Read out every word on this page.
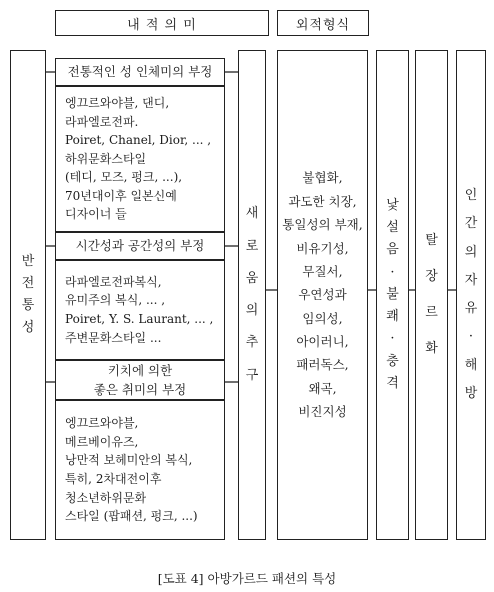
내 적 의 미	외적형식
반
전
통
성
전통적인 성 인체미의 부정
엥끄르와야블, 댄디,
라파엘로전파.
Poiret, Chanel, Dior, ... ,
하위문화스타일
(테디, 모즈, 펑크, ...),
70년대이후 일본신예
디자이너 들
시간성과 공간성의 부정
라파엘로전파복식,
유미주의 복식, ... ,
Poiret, Y. S. Laurant, ... ,
주변문화스타일 ...
키치에 의한
좋은 취미의 부정
엥끄르와야블,
메르베이유즈,
낭만적 보헤미안의 복식,
특히, 2차대전이후
청소년하위문화
스타일 (팝패션, 펑크, ...)
새
로
움
의
추
구
불협화,
과도한 치장,
통일성의 부재,
비유기성,
무질서,
우연성과
임의성,
아이러니,
패러독스,
왜곡,
비진지성
낯
설
음
·
불
쾌
·
충
격
탈
장
르
화
인
간
의
자
유
·
해
방
[도표 4] 아방가르드 패션의 특성
